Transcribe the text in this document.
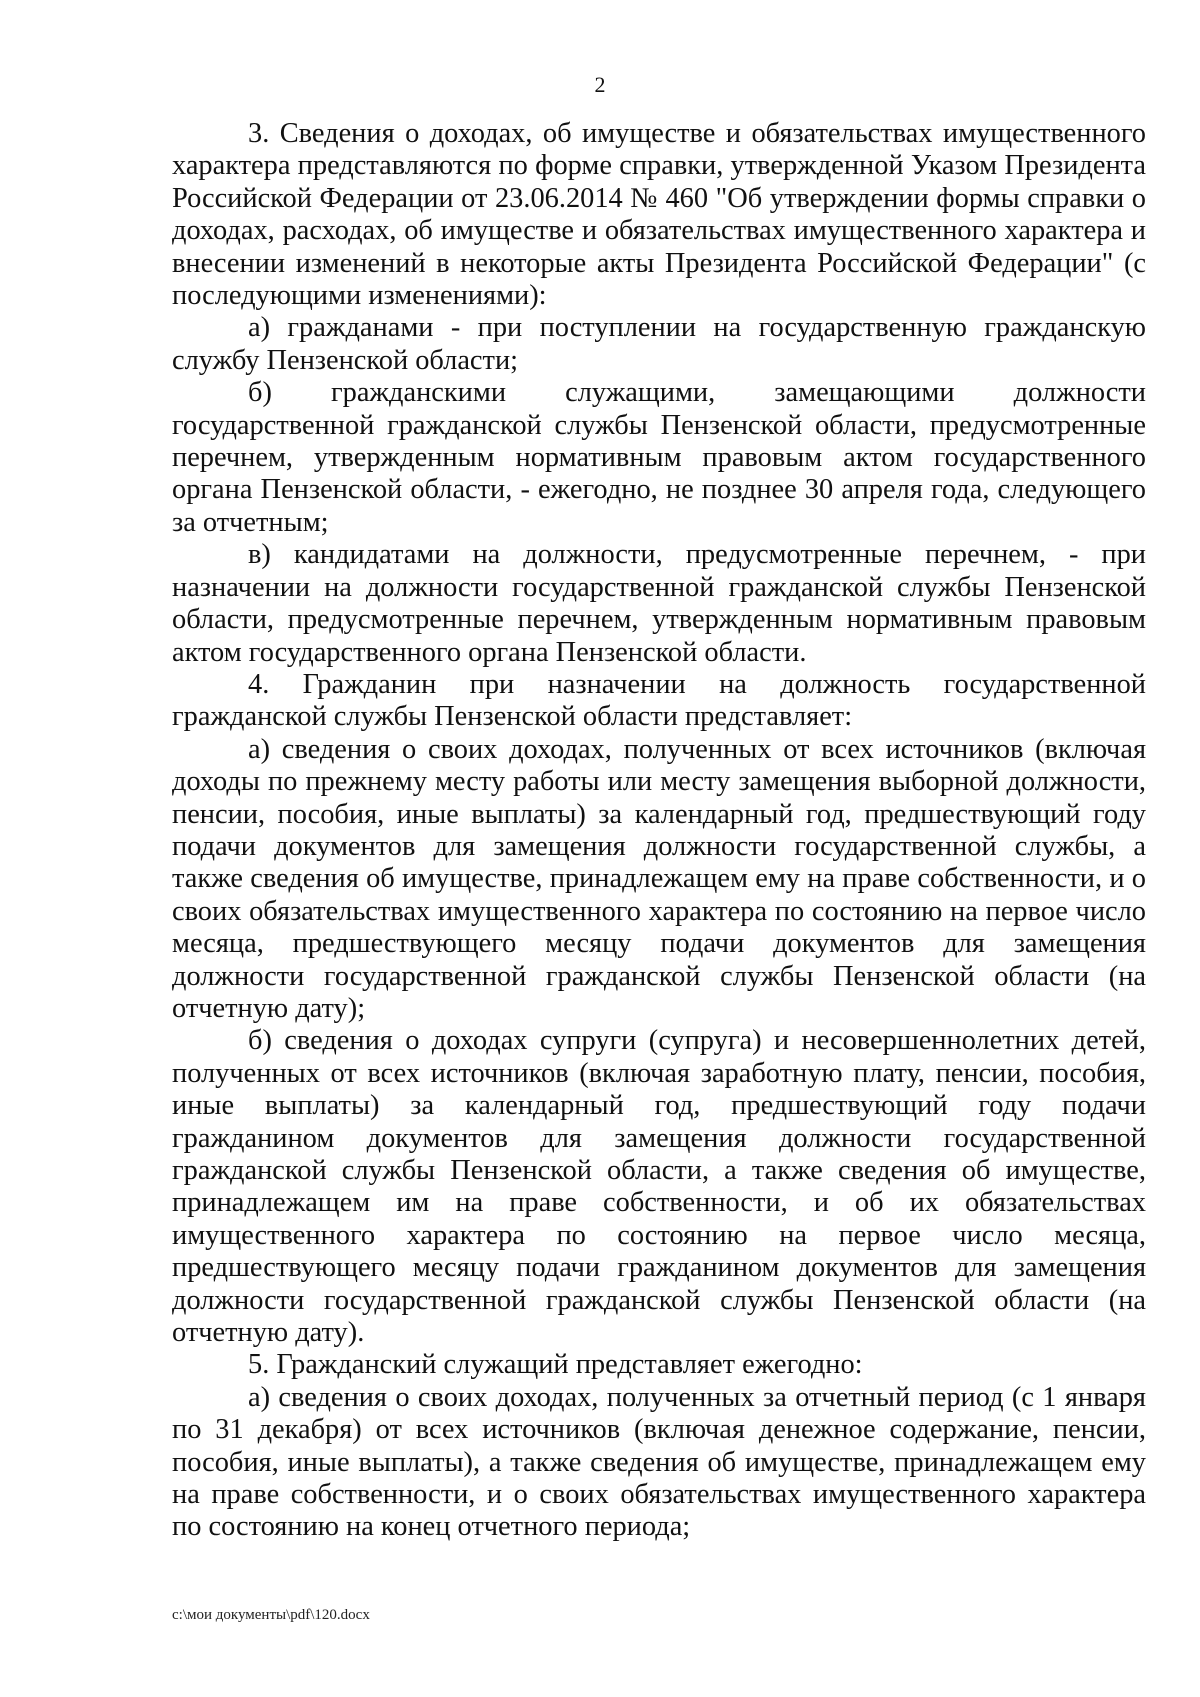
2

3. Сведения о доходах, об имуществе и обязательствах имущественного характера представляются по форме справки, утвержденной Указом Президента Российской Федерации от 23.06.2014 № 460 "Об утверждении формы справки о доходах, расходах, об имуществе и обязательствах имущественного характера и внесении изменений в некоторые акты Президента Российской Федерации" (с последующими изменениями):

а) гражданами - при поступлении на государственную гражданскую службу Пензенской области;

б) гражданскими служащими, замещающими должности государственной гражданской службы Пензенской области, предусмотренные перечнем, утвержденным нормативным правовым актом государственного органа Пензенской области, - ежегодно, не позднее 30 апреля года, следующего за отчетным;

в) кандидатами на должности, предусмотренные перечнем, - при назначении на должности государственной гражданской службы Пензенской области, предусмотренные перечнем, утвержденным нормативным правовым актом государственного органа Пензенской области.

4. Гражданин при назначении на должность государственной гражданской службы Пензенской области представляет:

а) сведения о своих доходах, полученных от всех источников (включая доходы по прежнему месту работы или месту замещения выборной должности, пенсии, пособия, иные выплаты) за календарный год, предшествующий году подачи документов для замещения должности государственной службы, а также сведения об имуществе, принадлежащем ему на праве собственности, и о своих обязательствах имущественного характера по состоянию на первое число месяца, предшествующего месяцу подачи документов для замещения должности государственной гражданской службы Пензенской области (на отчетную дату);

б) сведения о доходах супруги (супруга) и несовершеннолетних детей, полученных от всех источников (включая заработную плату, пенсии, пособия, иные выплаты) за календарный год, предшествующий году подачи гражданином документов для замещения должности государственной гражданской службы Пензенской области, а также сведения об имуществе, принадлежащем им на праве собственности, и об их обязательствах имущественного характера по состоянию на первое число месяца, предшествующего месяцу подачи гражданином документов для замещения должности государственной гражданской службы Пензенской области (на отчетную дату).

5. Гражданский служащий представляет ежегодно:

а) сведения о своих доходах, полученных за отчетный период (с 1 января по 31 декабря) от всех источников (включая денежное содержание, пенсии, пособия, иные выплаты), а также сведения об имуществе, принадлежащем ему на праве собственности, и о своих обязательствах имущественного характера по состоянию на конец отчетного периода;

c:\мои документы\pdf\120.docx
